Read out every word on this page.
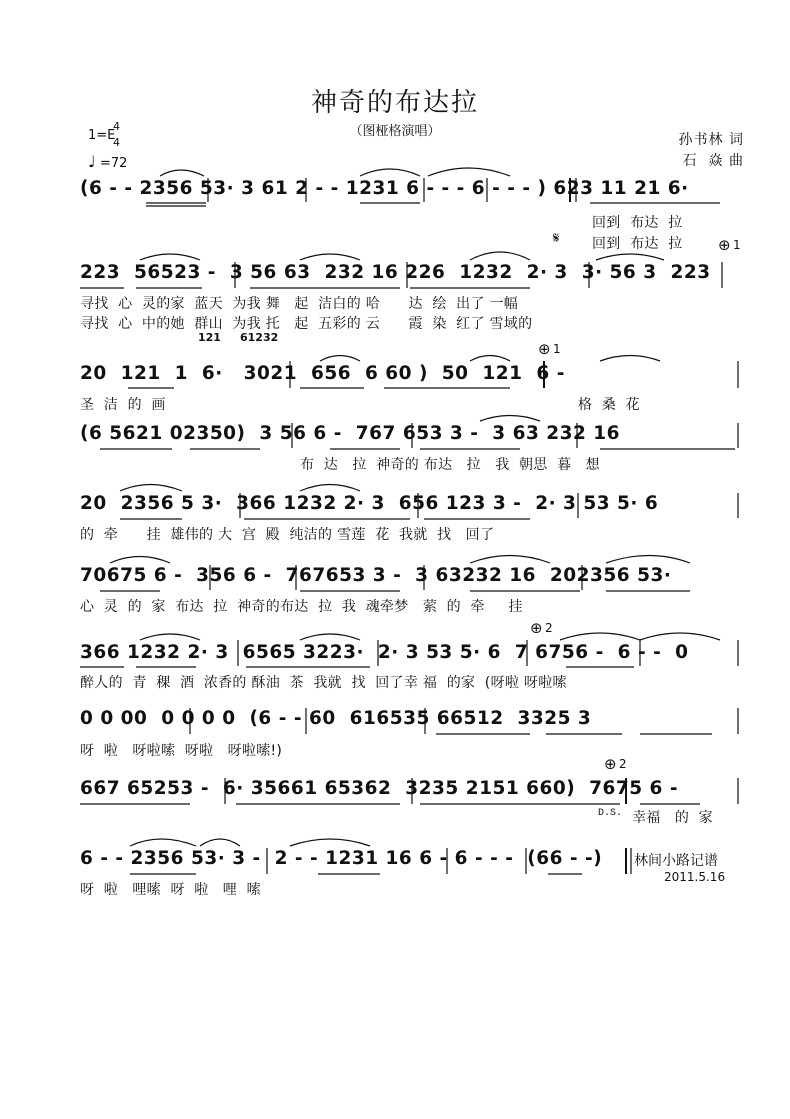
神奇的布达拉
（图桠格演唱）
1=E
4
4
♩ =72
孙书林 词
石  焱 曲
(6 - - 2356 53· 3 61 2 - - 1231 6 - - - 6 - - - ) 623 11 21 6·
回到  布达  拉
回到  布达  拉
223  56523 -  3 56 63  232 16 226  1232  2· 3  3· 56 3  223
寻找  心  灵的家  蓝天  为我 舞   起  洁白的 哈      达  绘  出了 一幅
寻找  心  中的她  群山  为我 托   起  五彩的 云      霞  染  红了 雪域的
121 61232
20  121  1  6·   3021  656  6 60 )  50  121  6 -
圣  洁  的  画	格  桑  花
(6 5621 02350)  3 56 6 -  767 653 3 -  3 63 232 16
布  达   拉  神奇的 布达   拉   我  朝思  暮   想
20  2356 5 3·  366 1232 2· 3  656 123 3 -  2· 3 53 5· 6
的  牵      挂  雄伟的 大  宫  殿  纯洁的 雪莲  花  我就  找   回了
70675 6 -  356 6 -  767653 3 -  3 63232 16  202356 53·
心  灵  的  家  布达  拉  神奇的布达  拉  我  魂牵梦   萦  的  牵     挂
366 1232 2· 3  6565 3223·  2· 3 53 5· 6  7 6756 -  6 - -  0
醉人的  青  稞  酒  浓香的 酥油  茶  我就  找  回了幸 福  的家  (呀啦 呀啦嗦
0 0 00  0 0 0 0  (6 - - 60  616535 66512  3325 3
呀  啦   呀啦嗦  呀啦   呀啦嗦!)
667 65253 -  6· 35661 65362  3235 2151 660)  7675 6 -
幸福   的  家
6 - - 2356 53· 3 -  2 - - 1231 16 6 - 6 - - -  (66 - -)
呀  啦   哩嗦  呀  啦   哩  嗦
𝄋	⊕ 1
⊕ 1
⊕ 2
⊕ 2
D.S.
林间小路记谱
2011.5.16
